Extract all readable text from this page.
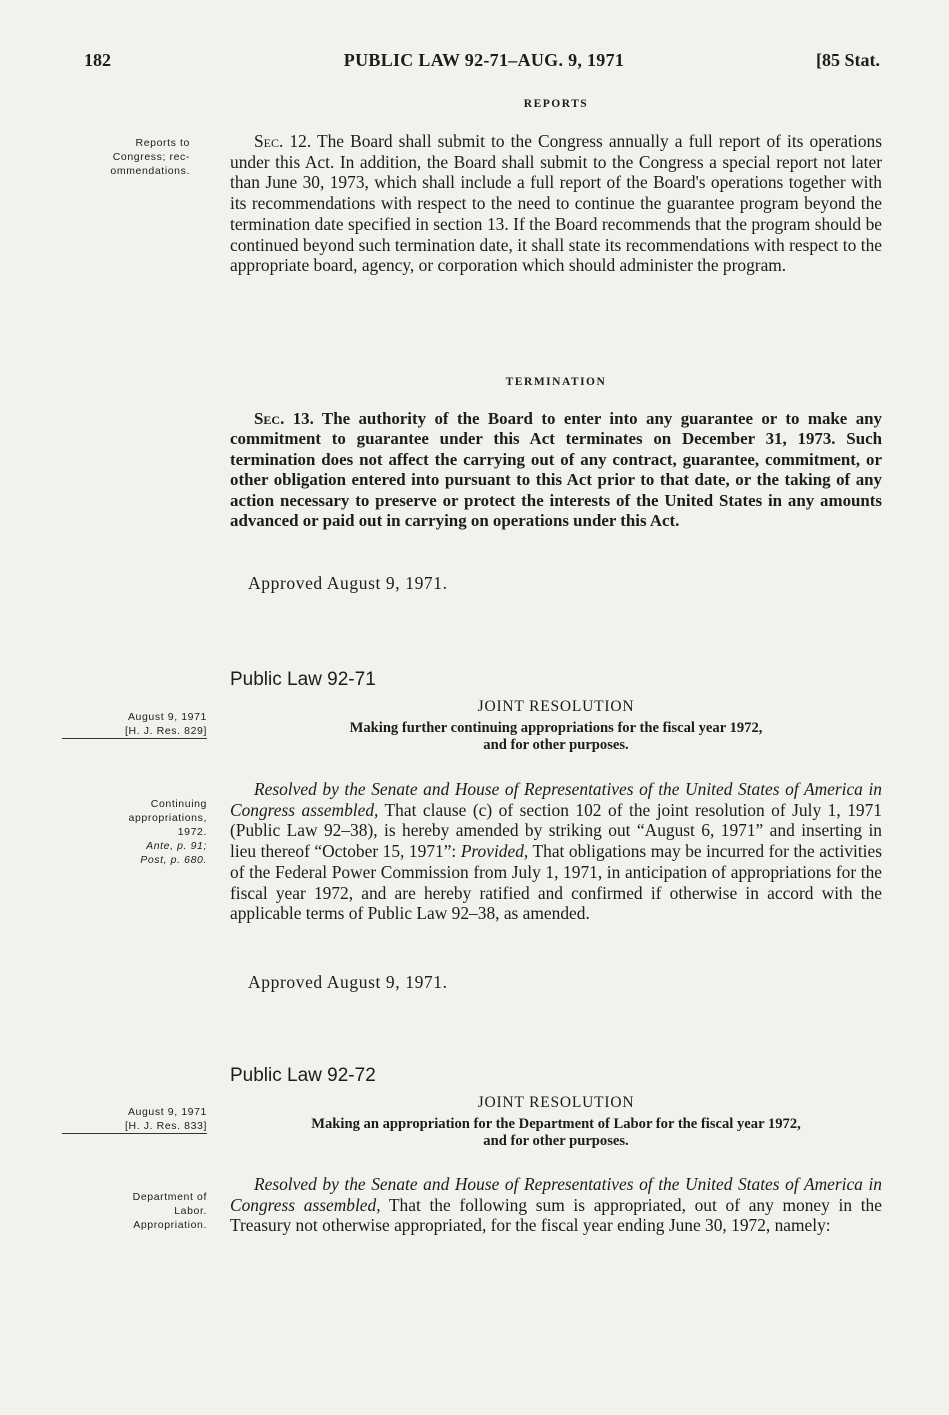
182	PUBLIC LAW 92-71–AUG. 9, 1971	[85 Stat.
REPORTS
Reports to
Congress; rec-
ommendations.

Sec. 12. The Board shall submit to the Congress annually a full report of its operations under this Act. In addition, the Board shall submit to the Congress a special report not later than June 30, 1973, which shall include a full report of the Board's operations together with its recommendations with respect to the need to continue the guarantee program beyond the termination date specified in section 13. If the Board recommends that the program should be continued beyond such termination date, it shall state its recommendations with respect to the appropriate board, agency, or corporation which should administer the program.

TERMINATION

Sec. 13. The authority of the Board to enter into any guarantee or to make any commitment to guarantee under this Act terminates on December 31, 1973. Such termination does not affect the carrying out of any contract, guarantee, commitment, or other obligation entered into pursuant to this Act prior to that date, or the taking of any action necessary to preserve or protect the interests of the United States in any amounts advanced or paid out in carrying on operations under this Act.

Approved August 9, 1971.
Public Law 92-71
August 9, 1971
[H. J. Res. 829]
JOINT RESOLUTION
Making further continuing appropriations for the fiscal year 1972,
and for other purposes.
Continuing
appropriations,
1972.
Ante, p. 91;
Post, p. 680.

Resolved by the Senate and House of Representatives of the United States of America in Congress assembled, That clause (c) of section 102 of the joint resolution of July 1, 1971 (Public Law 92–38), is hereby amended by striking out “August 6, 1971” and inserting in lieu thereof “October 15, 1971”: Provided, That obligations may be incurred for the activities of the Federal Power Commission from July 1, 1971, in anticipation of appropriations for the fiscal year 1972, and are hereby ratified and confirmed if otherwise in accord with the applicable terms of Public Law 92–38, as amended.

Approved August 9, 1971.
Public Law 92-72
August 9, 1971
[H. J. Res. 833]
JOINT RESOLUTION
Making an appropriation for the Department of Labor for the fiscal year 1972,
and for other purposes.
Department of
Labor.
Appropriation.

Resolved by the Senate and House of Representatives of the United States of America in Congress assembled, That the following sum is appropriated, out of any money in the Treasury not otherwise appropriated, for the fiscal year ending June 30, 1972, namely:
